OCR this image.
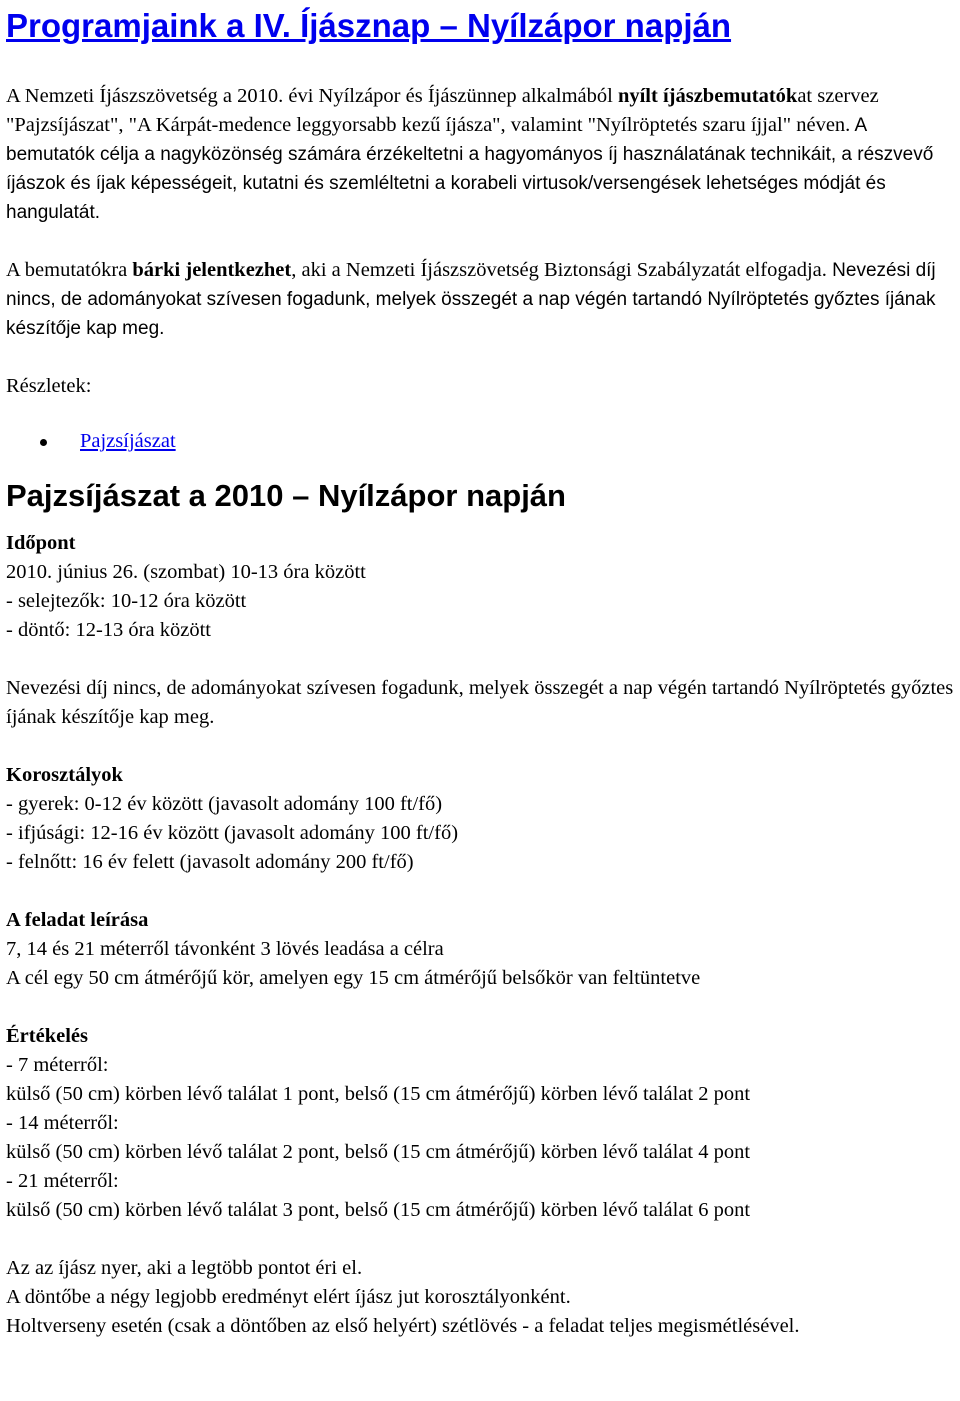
Programjaink a IV. Íjásznap – Nyílzápor napján

A Nemzeti Íjászszövetség a 2010. évi Nyílzápor és Íjászünnep alkalmából nyílt íjászbemutatókat szervez "Pajzsíjászat", "A Kárpát-medence leggyorsabb kezű íjásza", valamint "Nyílröptetés szaru íjjal" néven. A bemutatók célja a nagyközönség számára érzékeltetni a hagyományos íj használatának technikáit, a részvevő íjászok és íjak képességeit, kutatni és szemléltetni a korabeli virtusok/versengések lehetséges módját és hangulatát.

A bemutatókra bárki jelentkezhet, aki a Nemzeti Íjászszövetség Biztonsági Szabályzatát elfogadja. Nevezési díj nincs, de adományokat szívesen fogadunk, melyek összegét a nap végén tartandó Nyílröptetés győztes íjának készítője kap meg.

Részletek:

Pajzsíjászat
Pajzsíjászat a 2010 – Nyílzápor napján
Időpont
2010. június 26. (szombat) 10-13 óra között
- selejtezők: 10-12 óra között
- döntő: 12-13 óra között

Nevezési díj nincs, de adományokat szívesen fogadunk, melyek összegét a nap végén tartandó Nyílröptetés győztes íjának készítője kap meg.

Korosztályok
- gyerek: 0-12 év között (javasolt adomány 100 ft/fő)
- ifjúsági: 12-16 év között (javasolt adomány 100 ft/fő)
- felnőtt: 16 év felett (javasolt adomány 200 ft/fő)
A feladat leírása
7, 14 és 21 méterről távonként 3 lövés leadása a célra
A cél egy 50 cm átmérőjű kör, amelyen egy 15 cm átmérőjű belsőkör van feltüntetve
Értékelés
- 7 méterről:
külső (50 cm) körben lévő találat 1 pont, belső (15 cm átmérőjű) körben lévő találat 2 pont
- 14 méterről:
külső (50 cm) körben lévő találat 2 pont, belső (15 cm átmérőjű) körben lévő találat 4 pont
- 21 méterről:
külső (50 cm) körben lévő találat 3 pont, belső (15 cm átmérőjű) körben lévő találat 6 pont
Az az íjász nyer, aki a legtöbb pontot éri el.
A döntőbe a négy legjobb eredményt elért íjász jut korosztályonként.
Holtverseny esetén (csak a döntőben az első helyért) szétlövés - a feladat teljes megismétlésével.
